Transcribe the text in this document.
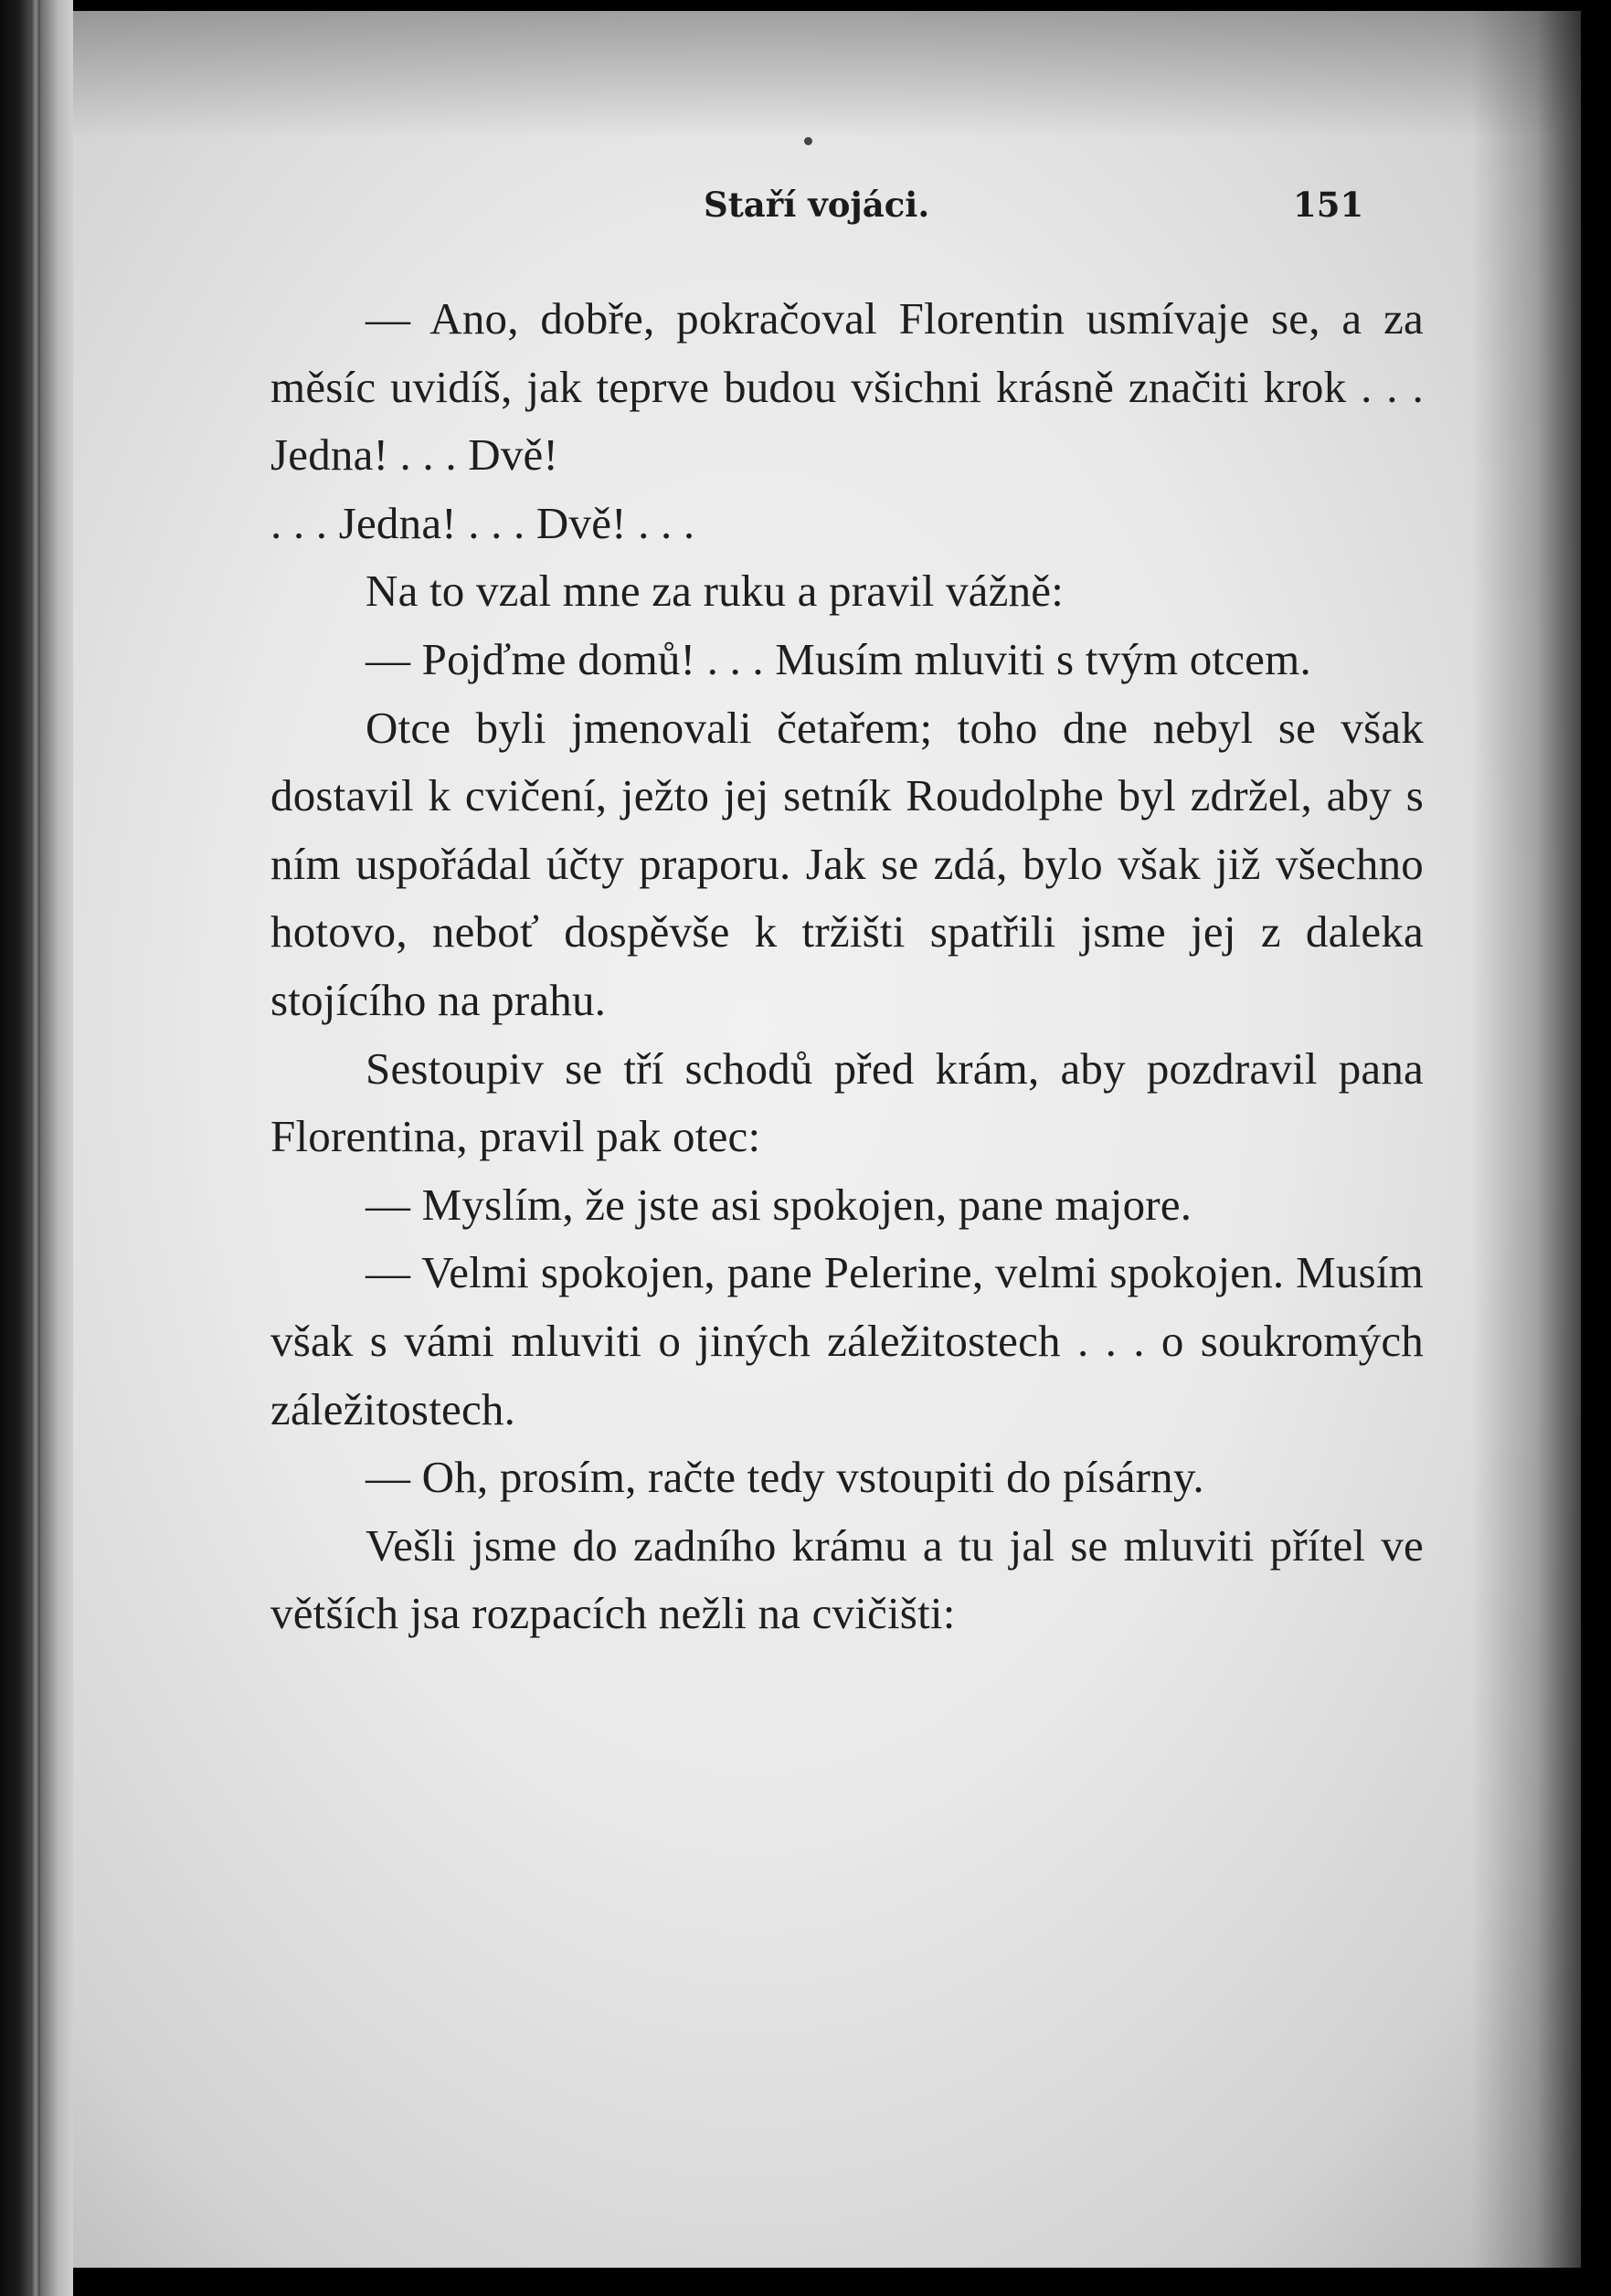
Staří vojáci.	151

— Ano, dobře, pokračoval Florentin usmívaje se, a za měsíc uvidíš, jak teprve budou všichni krásně značiti krok . . . Jedna! . . . Dvě!

. . . Jedna! . . . Dvě! . . .

Na to vzal mne za ruku a pravil vážně:

— Pojďme domů! . . . Musím mluviti s tvým otcem.

Otce byli jmenovali četařem; toho dne nebyl se však dostavil k cvičení, ježto jej setník Roudolphe byl zdržel, aby s ním uspořádal účty praporu. Jak se zdá, bylo však již všechno hotovo, neboť dospěvše k tržišti spatřili jsme jej z daleka stojícího na prahu.

Sestoupiv se tří schodů před krám, aby pozdravil pana Florentina, pravil pak otec:

— Myslím, že jste asi spokojen, pane majore.

— Velmi spokojen, pane Pelerine, velmi spokojen. Musím však s vámi mluviti o jiných záležitostech . . . o soukromých záležitostech.

— Oh, prosím, račte tedy vstoupiti do písárny.

Vešli jsme do zadního krámu a tu jal se mluviti přítel ve větších jsa rozpacích nežli na cvičišti:
